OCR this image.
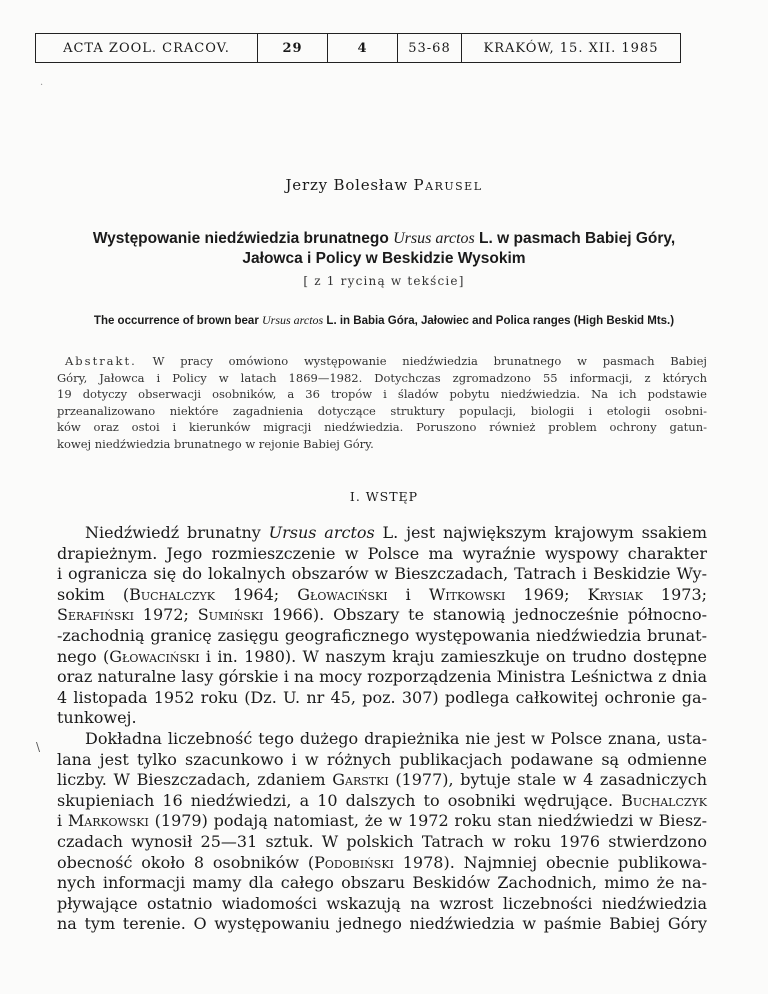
ACTA ZOOL. CRACOV.	29	4	53-68	KRAKÓW, 15. XII. 1985
·
\
Jerzy Bolesław Parusel
Występowanie niedźwiedzia brunatnego Ursus arctos L. w pasmach Babiej Góry,
Jałowca i Policy w Beskidzie Wysokim
[ z 1 ryciną w tekście]
The occurrence of brown bear Ursus arctos L. in Babia Góra, Jałowiec and Polica ranges (High Beskid Mts.)
Abstrakt. W pracy omówiono występowanie niedźwiedzia brunatnego w pasmach Babiej
Góry, Jałowca i Policy w latach 1869—1982. Dotychczas zgromadzono 55 informacji, z których
19 dotyczy obserwacji osobników, a 36 tropów i śladów pobytu niedźwiedzia. Na ich podstawie
przeanalizowano niektóre zagadnienia dotyczące struktury populacji, biologii i etologii osobni-
ków oraz ostoi i kierunków migracji niedźwiedzia. Poruszono również problem ochrony gatun-
kowej niedźwiedzia brunatnego w rejonie Babiej Góry.
I. WSTĘP
Niedźwiedź brunatny Ursus arctos L. jest największym krajowym ssakiem
drapieżnym. Jego rozmieszczenie w Polsce ma wyraźnie wyspowy charakter
i ogranicza się do lokalnych obszarów w Bieszczadach, Tatrach i Beskidzie Wy-
sokim (Buchalczyk 1964; Głowaciński i Witkowski 1969; Krysiak 1973;
Serafiński 1972; Sumiński 1966). Obszary te stanowią jednocześnie północno-
-zachodnią granicę zasięgu geograficznego występowania niedźwiedzia brunat-
nego (Głowaciński i in. 1980). W naszym kraju zamieszkuje on trudno dostępne
oraz naturalne lasy górskie i na mocy rozporządzenia Ministra Leśnictwa z dnia
4 listopada 1952 roku (Dz. U. nr 45, poz. 307) podlega całkowitej ochronie ga-
tunkowej.
Dokładna liczebność tego dużego drapieżnika nie jest w Polsce znana, usta-
lana jest tylko szacunkowo i w różnych publikacjach podawane są odmienne
liczby. W Bieszczadach, zdaniem Garstki (1977), bytuje stale w 4 zasadniczych
skupieniach 16 niedźwiedzi, a 10 dalszych to osobniki wędrujące. Buchalczyk
i Markowski (1979) podają natomiast, że w 1972 roku stan niedźwiedzi w Biesz-
czadach wynosił 25—31 sztuk. W polskich Tatrach w roku 1976 stwierdzono
obecność około 8 osobników (Podobiński 1978). Najmniej obecnie publikowa-
nych informacji mamy dla całego obszaru Beskidów Zachodnich, mimo że na-
pływające ostatnio wiadomości wskazują na wzrost liczebności niedźwiedzia
na tym terenie. O występowaniu jednego niedźwiedzia w paśmie Babiej Góry
